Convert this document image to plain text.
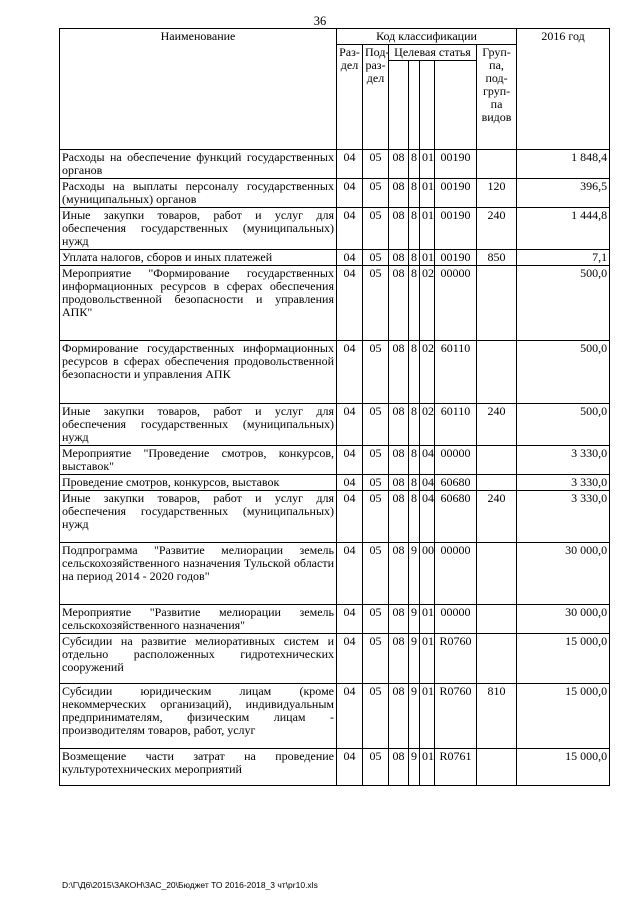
36
Наименование	Код классификации							2016 год
	Раз-дел	Под-раз-дел	Целевая статья				Груп-па, под-груп-па видов	

Расходы на обеспечение функций государственных органов	04	05	08	8	01	00190		1 848,4
Расходы на выплаты персоналу государственных (муниципальных) органов	04	05	08	8	01	00190	120	396,5
Иные закупки товаров, работ и услуг для обеспечения государственных (муниципальных) нужд	04	05	08	8	01	00190	240	1 444,8
Уплата налогов, сборов и иных платежей	04	05	08	8	01	00190	850	7,1
Мероприятие "Формирование государственных информационных ресурсов в сферах обеспечения продовольственной безопасности и управления АПК"	04	05	08	8	02	00000		500,0
Формирование государственных информационных ресурсов в сферах обеспечения продовольственной безопасности и управления АПК	04	05	08	8	02	60110		500,0
Иные закупки товаров, работ и услуг для обеспечения государственных (муниципальных) нужд	04	05	08	8	02	60110	240	500,0
Мероприятие "Проведение смотров, конкурсов, выставок"	04	05	08	8	04	00000		3 330,0
Проведение смотров, конкурсов, выставок	04	05	08	8	04	60680		3 330,0
Иные закупки товаров, работ и услуг для обеспечения государственных (муниципальных) нужд	04	05	08	8	04	60680	240	3 330,0
Подпрограмма "Развитие мелиорации земель сельскохозяйственного назначения Тульской области на период 2014 - 2020 годов"	04	05	08	9	00	00000		30 000,0
Мероприятие "Развитие мелиорации земель сельскохозяйственного назначения"	04	05	08	9	01	00000		30 000,0
Субсидии на развитие мелиоративных систем и отдельно расположенных гидротехнических сооружений	04	05	08	9	01	R0760		15 000,0
Субсидии юридическим лицам (кроме некоммерческих организаций), индивидуальным предпринимателям, физическим лицам - производителям товаров, работ, услуг	04	05	08	9	01	R0760	810	15 000,0
Возмещение части затрат на проведение культуротехнических мероприятий	04	05	08	9	01	R0761		15 000,0
D:\Г\Д6\2015\ЗАКОН\ЗАС_20\Бюджет ТО 2016-2018_3 чт\pr10.xls
